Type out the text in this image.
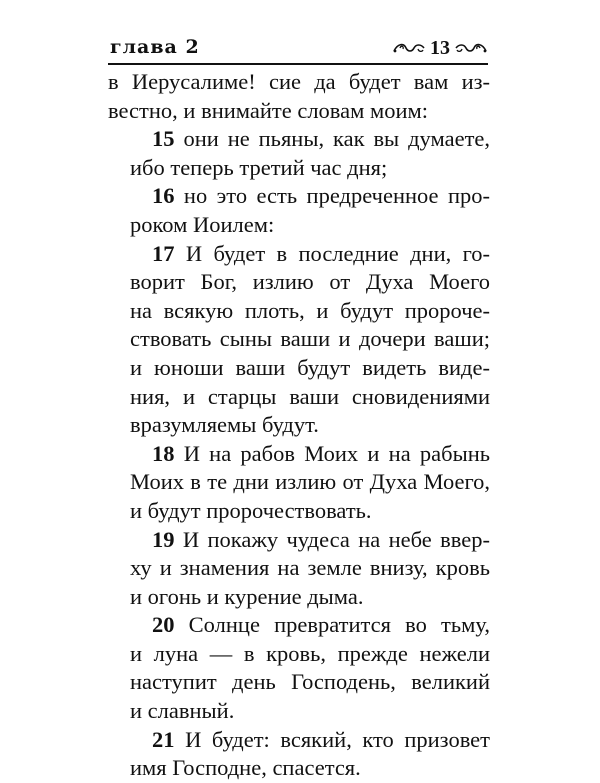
глава 2	13
в Иерусалиме! сие да будет вам из-
вестно, и внимайте словам моим:
15 они не пьяны, как вы думаете,
ибо теперь третий час дня;
16 но это есть предреченное про-
роком Иоилем:
17 И будет в последние дни, го-
ворит Бог, излию от Духа Моего
на всякую плоть, и будут пророче-
ствовать сыны ваши и дочери ваши;
и юноши ваши будут видеть виде-
ния, и старцы ваши сновидениями
вразумляемы будут.
18 И на рабов Моих и на рабынь
Моих в те дни излию от Духа Моего,
и будут пророчествовать.
19 И покажу чудеса на небе ввер-
ху и знамения на земле внизу, кровь
и огонь и курение дыма.
20 Солнце превратится во тьму,
и луна — в кровь, прежде нежели
наступит день Господень, великий
и славный.
21 И будет: всякий, кто призовет
имя Господне, спасется.
